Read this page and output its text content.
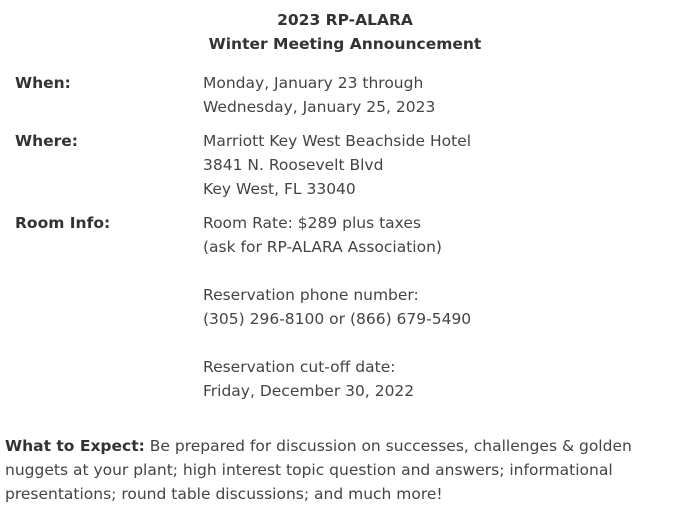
2023 RP-ALARA
Winter Meeting Announcement
When:	Monday, January 23 through
Wednesday, January 25, 2023
Where:	Marriott Key West Beachside Hotel
3841 N. Roosevelt Blvd
Key West, FL 33040
Room Info:	Room Rate: $289 plus taxes
(ask for RP-ALARA Association)
Reservation phone number:
(305) 296-8100 or (866) 679-5490
Reservation cut-off date:
Friday, December 30, 2022
What to Expect: Be prepared for discussion on successes, challenges & golden nuggets at your plant; high interest topic question and answers; informational presentations; round table discussions; and much more!
